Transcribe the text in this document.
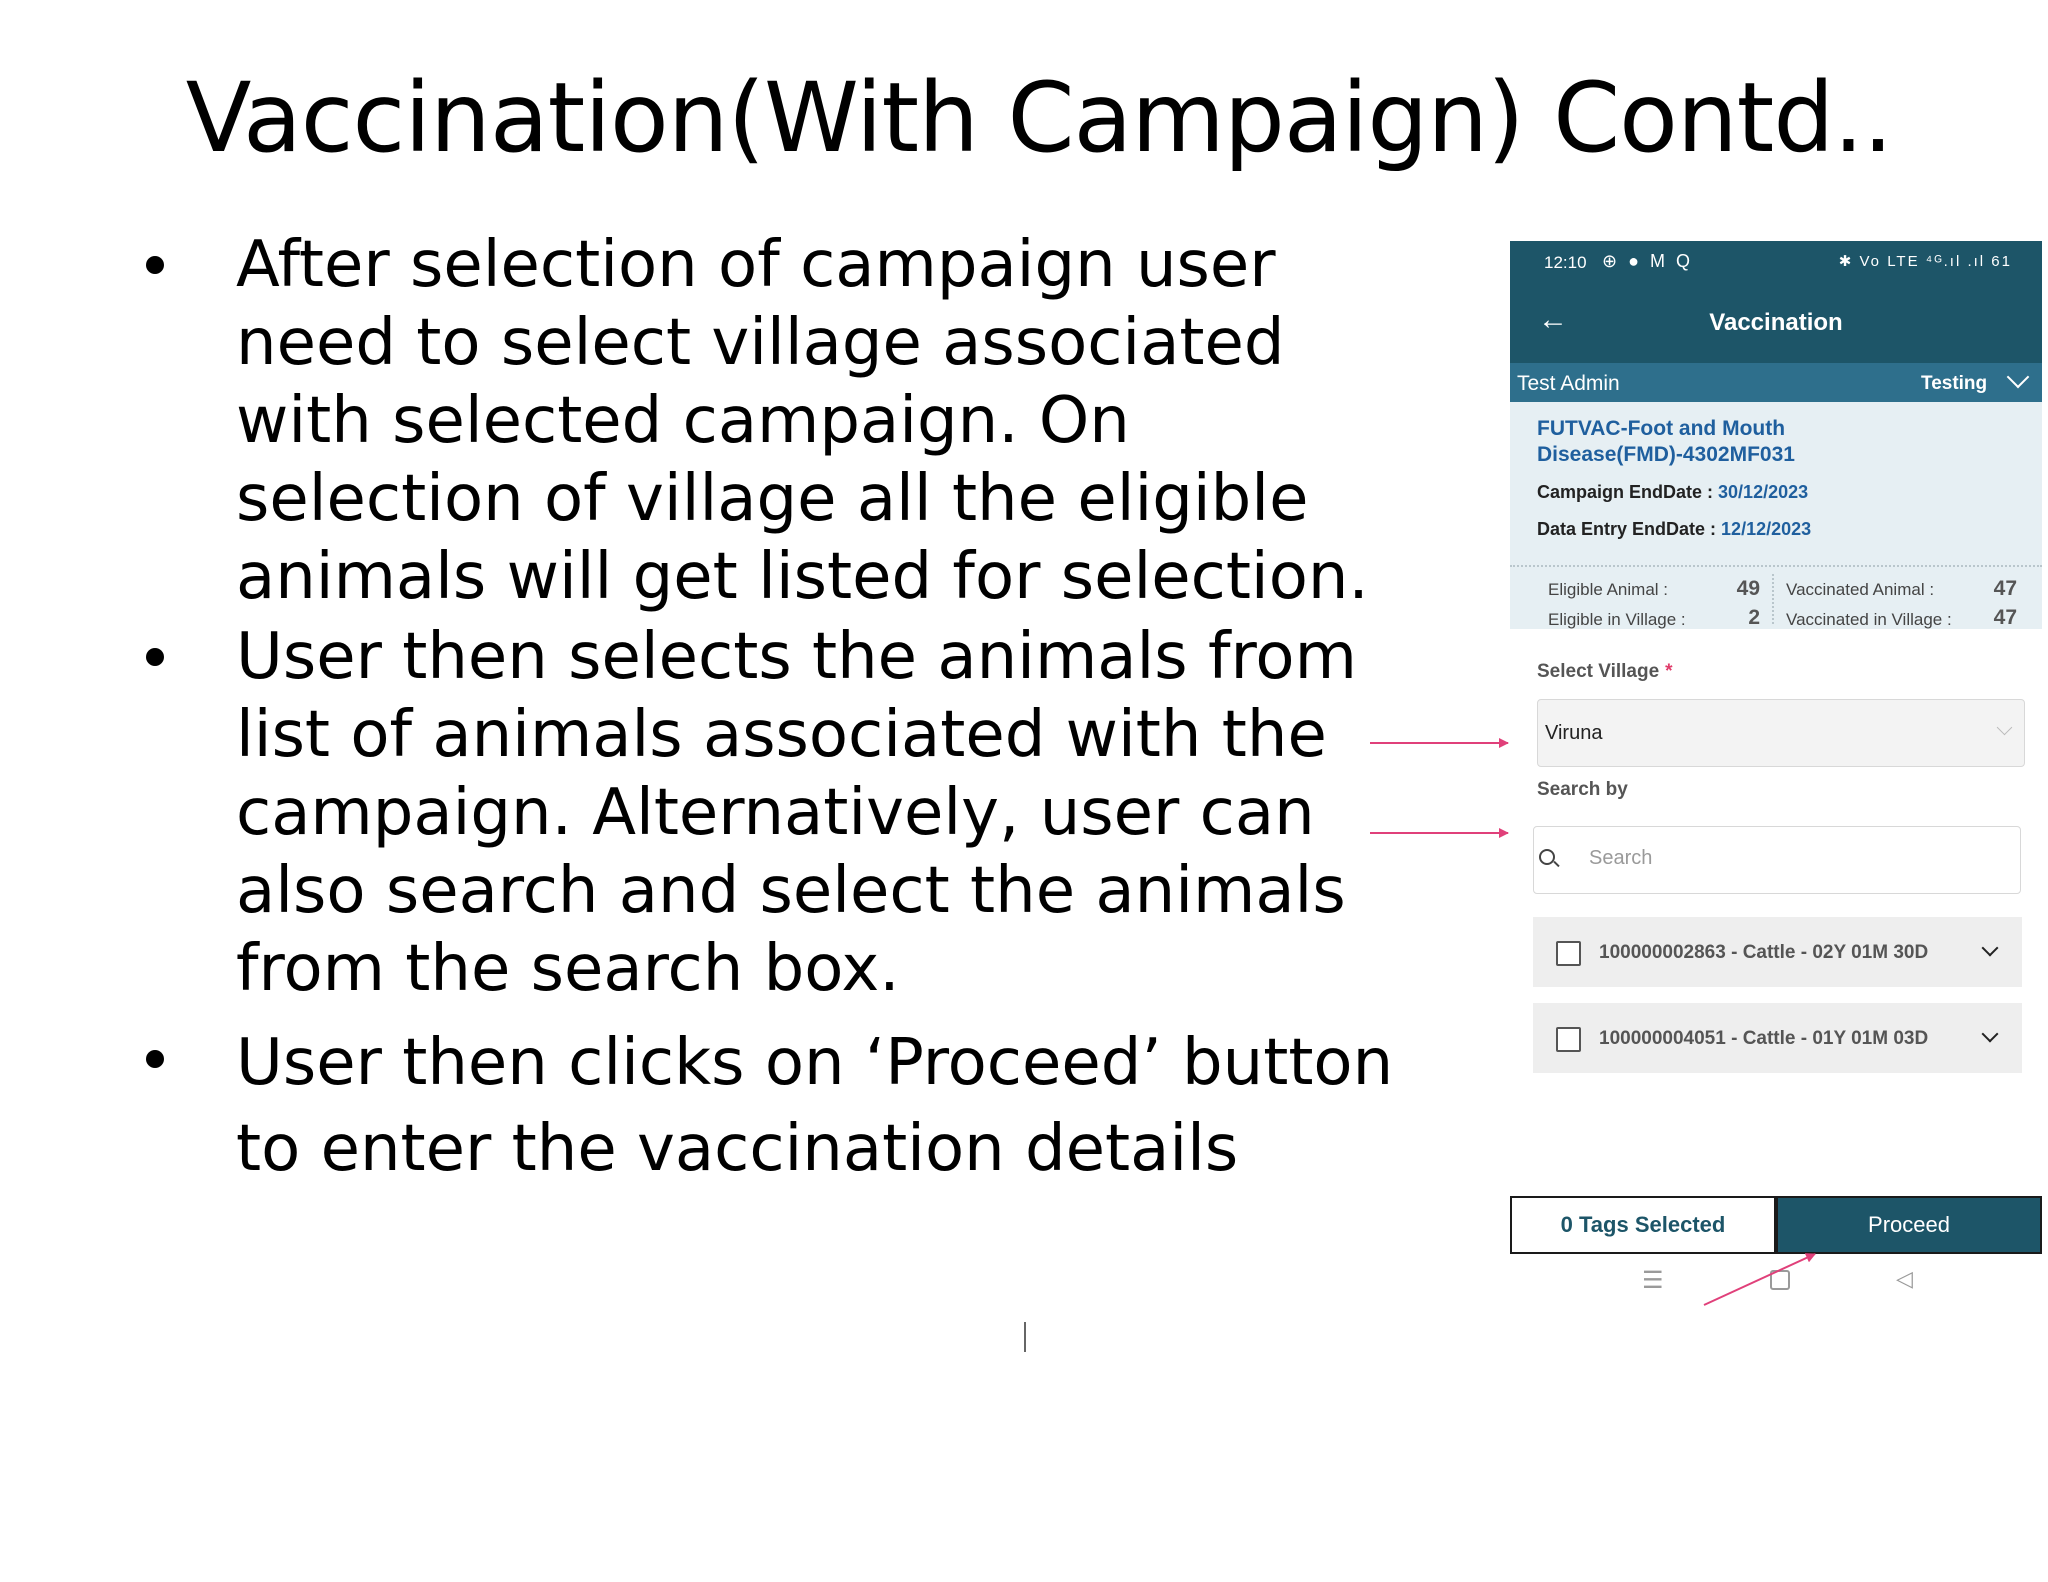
Vaccination(With Campaign) Contd..
After selection of campaign user need to select village associated with selected campaign. On selection of village all the eligible animals will get listed for selection.
User then selects the animals from list of animals associated with the campaign. Alternatively, user can also search and select the animals from the search box.
User then clicks on ‘Proceed’ button to enter the vaccination details
12:10 ⊕ ● M Q	✱ Vo LTE ⁴ᴳ.ıl .ıl 61
←	Vaccination
Test Admin	Testing
FUTVAC-Foot and Mouth Disease(FMD)-4302MF031
Campaign EndDate : 30/12/2023
Data Entry EndDate : 12/12/2023
Eligible Animal :	49
Eligible in Village :	2
Vaccinated Animal :	47
Vaccinated in Village :	47
Select Village *
Viruna
Search by
Search
100000002863 - Cattle - 02Y 01M 30D
100000004051 - Cattle - 01Y 01M 03D
0 Tags Selected	Proceed
☰	◁
